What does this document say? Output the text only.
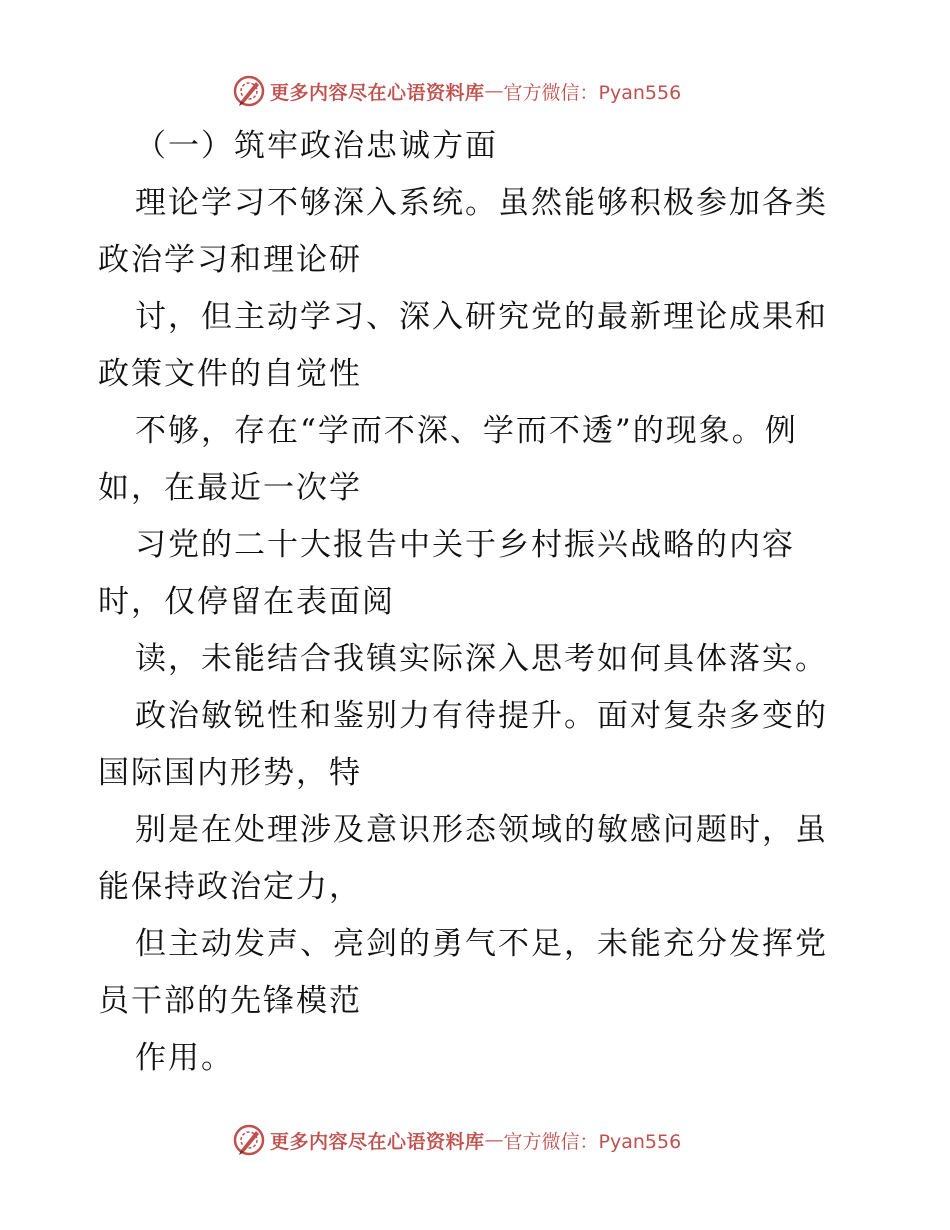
更多内容尽在心语资料库 — 官方微信：Pyan556
（一）筑牢政治忠诚方面
理论学习不够深入系统。虽然能够积极参加各类
政治学习和理论研
讨，但主动学习、深入研究党的最新理论成果和
政策文件的自觉性
不够，存在“学而不深、学而不透”的现象。例
如，在最近一次学
习党的二十大报告中关于乡村振兴战略的内容
时，仅停留在表面阅
读，未能结合我镇实际深入思考如何具体落实。
政治敏锐性和鉴别力有待提升。面对复杂多变的
国际国内形势，特
别是在处理涉及意识形态领域的敏感问题时，虽
能保持政治定力，
但主动发声、亮剑的勇气不足，未能充分发挥党
员干部的先锋模范
作用。
更多内容尽在心语资料库 — 官方微信：Pyan556
